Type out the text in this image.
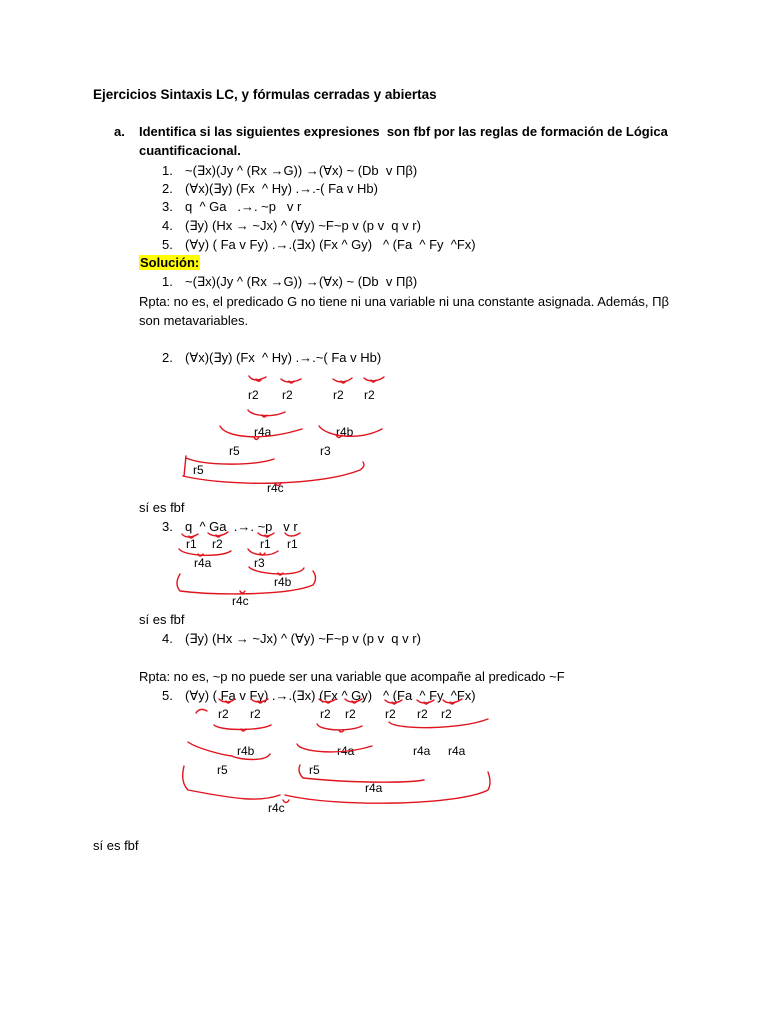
Ejercicios Sintaxis LC, y fórmulas cerradas y abiertas
a. Identifica si las siguientes expresiones  son fbf por las reglas de formación de Lógica
cuantificacional.
1. ~(∃x)(Jy ^ (Rx →G)) →(∀x) ~ (Db  v Πβ)
2. (∀x)(∃y) (Fx  ^ Hy) .→.-( Fa v Hb)
3. q  ^ Ga   .→. ~p   v r
4. (∃y) (Hx → ~Jx) ^ (∀y) ~F~p v (p v  q v r)
5. (∀y) ( Fa v Fy) .→.(∃x) (Fx ^ Gy)   ^ (Fa  ^ Fy  ^Fx)
Solución:
1. ~(∃x)(Jy ^ (Rx →G)) →(∀x) ~ (Db  v Πβ)
Rpta: no es, el predicado G no tiene ni una variable ni una constante asignada. Además, Πβ
son metavariables.
2. (∀x)(∃y) (Fx  ^ Hy) .→.~( Fa v Hb)
r2 r2	r2 r2
r4a	r4b
r5	r3
r5
r4c
sí es fbf
3. q  ^ Ga  .→. ~p   v r
r1 r2	r1 r1
r4a	r3
r4b
r4c
sí es fbf
4. (∃y) (Hx → ~Jx) ^ (∀y) ~F~p v (p v  q v r)
Rpta: no es, ~p no puede ser una variable que acompañe al predicado ~F
5. (∀y) ( Fa v Fy) .→.(∃x) (Fx ^ Gy)   ^ (Fa  ^ Fy  ^Fx)
r2 r2	r2 r2 r2 r2 r2
r4b	r4a	r4a r4a
r5	r5
r4a
r4c
sí es fbf
